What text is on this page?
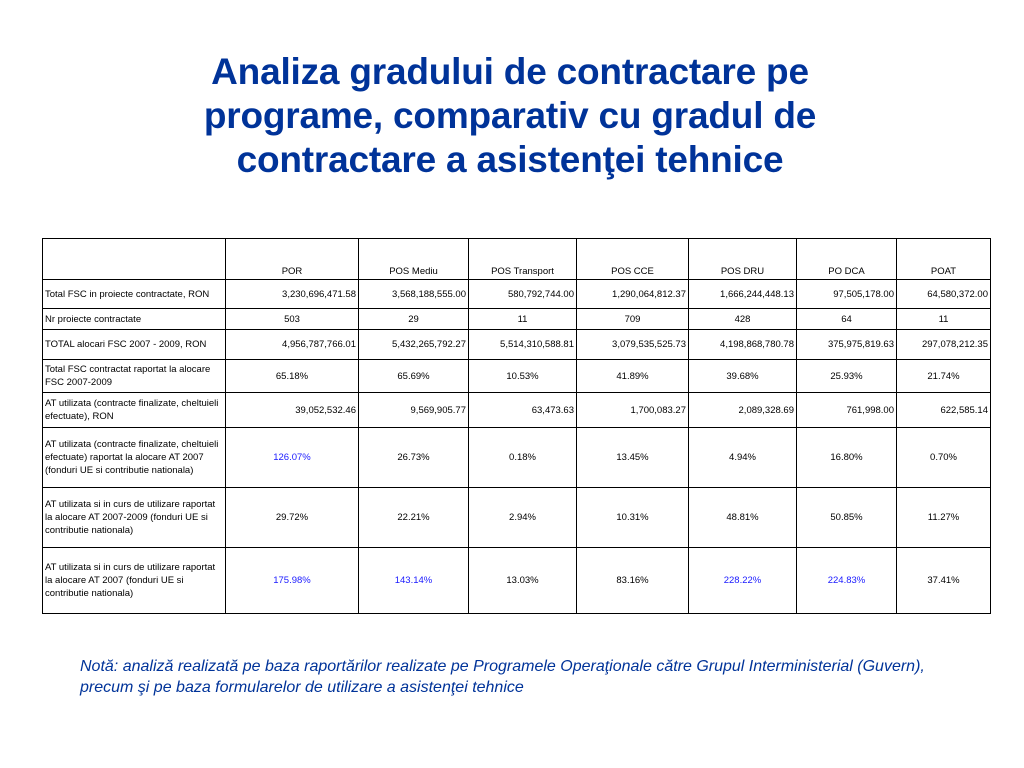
Analiza gradului de contractare pe
programe, comparativ cu gradul de
contractare a asistenţei tehnice
	POR	POS Mediu	POS Transport	POS CCE	POS DRU	PO DCA	POAT
Total FSC in proiecte contractate, RON	3,230,696,471.58	3,568,188,555.00	580,792,744.00	1,290,064,812.37	1,666,244,448.13	97,505,178.00	64,580,372.00
Nr proiecte contractate	503	29	11	709	428	64	11
TOTAL alocari FSC 2007 - 2009, RON	4,956,787,766.01	5,432,265,792.27	5,514,310,588.81	3,079,535,525.73	4,198,868,780.78	375,975,819.63	297,078,212.35
Total FSC contractat raportat la alocare FSC 2007-2009	65.18%	65.69%	10.53%	41.89%	39.68%	25.93%	21.74%
AT utilizata (contracte finalizate, cheltuieli efectuate), RON	39,052,532.46	9,569,905.77	63,473.63	1,700,083.27	2,089,328.69	761,998.00	622,585.14
AT utilizata (contracte finalizate, cheltuieli efectuate) raportat la alocare AT 2007 (fonduri UE si contributie nationala)	126.07%	26.73%	0.18%	13.45%	4.94%	16.80%	0.70%
AT utilizata si in curs de utilizare raportat la alocare AT 2007-2009 (fonduri UE si contributie nationala)	29.72%	22.21%	2.94%	10.31%	48.81%	50.85%	11.27%
AT utilizata si in curs de utilizare raportat la alocare AT 2007 (fonduri UE si contributie nationala)	175.98%	143.14%	13.03%	83.16%	228.22%	224.83%	37.41%
Notă: analiză realizată pe baza raportărilor realizate pe Programele Operaţionale către Grupul Interministerial (Guvern), precum şi pe baza formularelor de utilizare a asistenţei tehnice
